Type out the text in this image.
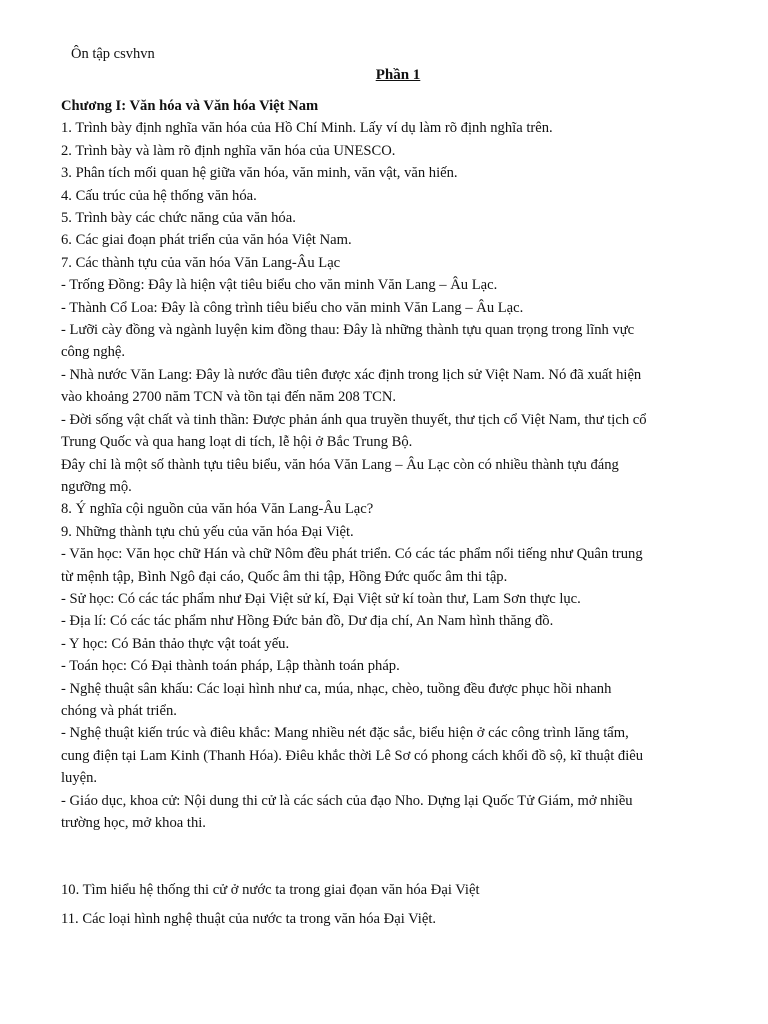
Ôn tập csvhvn
Phần 1
Chương I: Văn hóa và Văn hóa Việt Nam
1. Trình bày định nghĩa văn hóa của Hồ Chí Minh. Lấy ví dụ làm rõ định nghĩa trên.
2. Trình bày và làm rõ định nghĩa văn hóa của UNESCO.
3. Phân tích mối quan hệ giữa văn hóa, văn minh, văn vật, văn hiến.
4. Cấu trúc của hệ thống văn hóa.
5. Trình bày các chức năng của văn hóa.
6. Các giai đoạn phát triển của văn hóa Việt Nam.
7. Các thành tựu của văn hóa Văn Lang-Âu Lạc
- Trống Đồng: Đây là hiện vật tiêu biểu cho văn minh Văn Lang – Âu Lạc.
- Thành Cổ Loa: Đây là công trình tiêu biểu cho văn minh Văn Lang – Âu Lạc.
- Lưỡi cày đồng và ngành luyện kim đồng thau: Đây là những thành tựu quan trọng trong lĩnh vực
công nghệ.
- Nhà nước Văn Lang: Đây là nước đầu tiên được xác định trong lịch sử Việt Nam. Nó đã xuất hiện
vào khoảng 2700 năm TCN và tồn tại đến năm 208 TCN.
- Đời sống vật chất và tinh thần: Được phản ánh qua truyền thuyết, thư tịch cổ Việt Nam, thư tịch cổ
Trung Quốc và qua hang loạt di tích, lễ hội ở Bắc Trung Bộ.
Đây chỉ là một số thành tựu tiêu biểu, văn hóa Văn Lang – Âu Lạc còn có nhiều thành tựu đáng
ngưỡng mộ.
8. Ý nghĩa cội nguồn của văn hóa Văn Lang-Âu Lạc?
9. Những thành tựu chủ yếu của văn hóa Đại Việt.
- Văn học: Văn học chữ Hán và chữ Nôm đều phát triển. Có các tác phẩm nổi tiếng như Quân trung
từ mệnh tập, Bình Ngô đại cáo, Quốc âm thi tập, Hồng Đức quốc âm thi tập.
- Sử học: Có các tác phẩm như Đại Việt sử kí, Đại Việt sử kí toàn thư, Lam Sơn thực lục.
- Địa lí: Có các tác phẩm như Hồng Đức bản đồ, Dư địa chí, An Nam hình thăng đồ.
- Y học: Có Bản thảo thực vật toát yếu.
- Toán học: Có Đại thành toán pháp, Lập thành toán pháp.
- Nghệ thuật sân khấu: Các loại hình như ca, múa, nhạc, chèo, tuồng đều được phục hồi nhanh
chóng và phát triển.
- Nghệ thuật kiến trúc và điêu khắc: Mang nhiều nét đặc sắc, biểu hiện ở các công trình lăng tẩm,
cung điện tại Lam Kinh (Thanh Hóa). Điêu khắc thời Lê Sơ có phong cách khối đồ sộ, kĩ thuật điêu
luyện.
- Giáo dục, khoa cử: Nội dung thi cử là các sách của đạo Nho. Dựng lại Quốc Tử Giám, mở nhiều
trường học, mở khoa thi.
10. Tìm hiểu hệ thống thi cử ở nước ta trong giai đọan văn hóa Đại Việt
11. Các loại hình nghệ thuật của nước ta trong văn hóa Đại Việt.
